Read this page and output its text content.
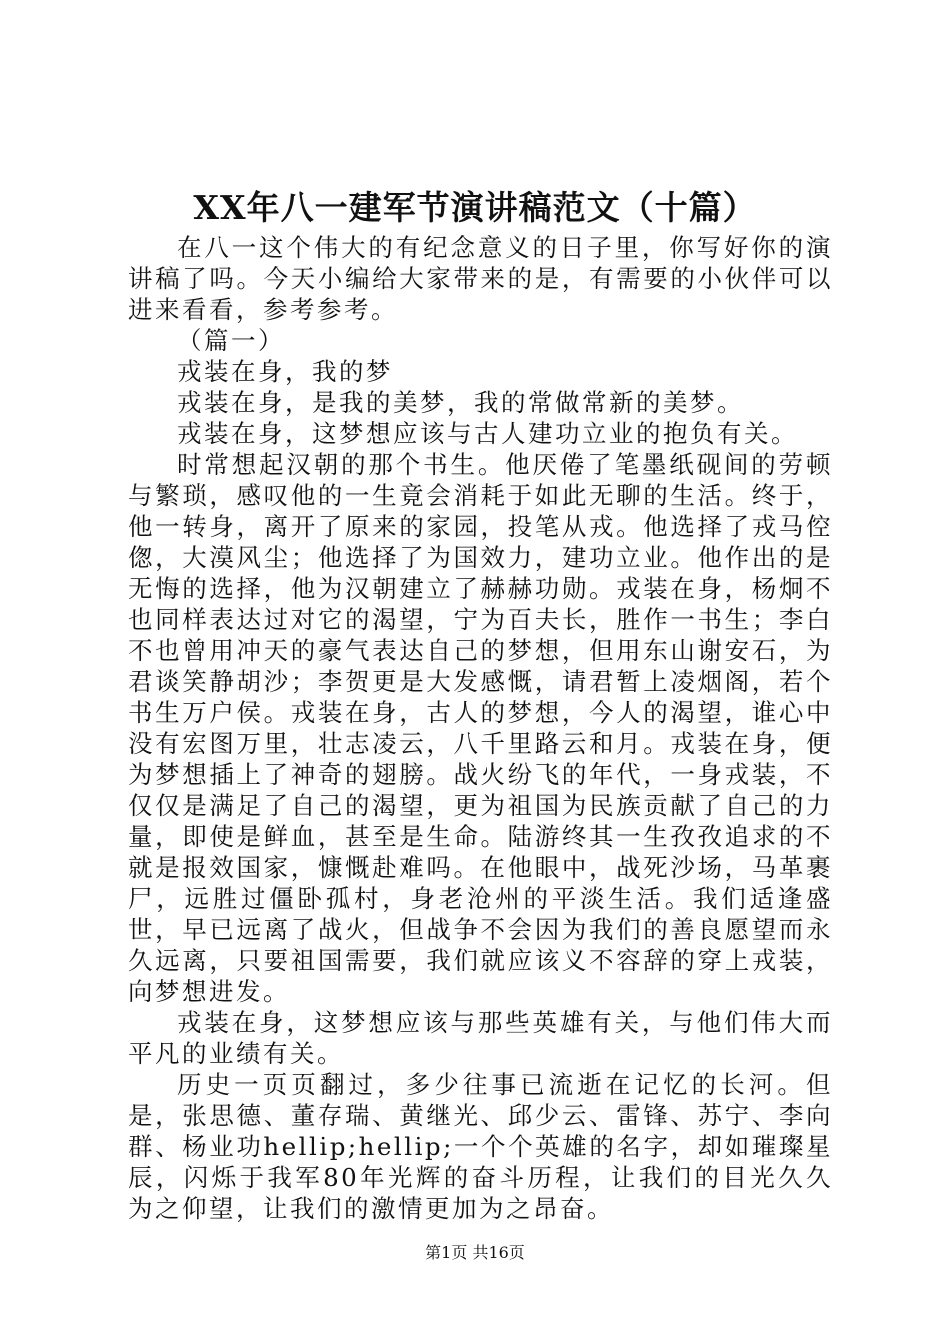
XX年八一建军节演讲稿范文（十篇）

在八一这个伟大的有纪念意义的日子里，你写好你的演讲稿了吗。今天小编给大家带来的是，有需要的小伙伴可以进来看看，参考参考。

（篇一）

戎装在身，我的梦

戎装在身，是我的美梦，我的常做常新的美梦。

戎装在身，这梦想应该与古人建功立业的抱负有关。

时常想起汉朝的那个书生。他厌倦了笔墨纸砚间的劳顿与繁琐，感叹他的一生竟会消耗于如此无聊的生活。终于，他一转身，离开了原来的家园，投笔从戎。他选择了戎马倥偬，大漠风尘；他选择了为国效力，建功立业。他作出的是无悔的选择，他为汉朝建立了赫赫功勋。戎装在身，杨炯不也同样表达过对它的渴望，宁为百夫长，胜作一书生；李白不也曾用冲天的豪气表达自己的梦想，但用东山谢安石，为君谈笑静胡沙；李贺更是大发感慨，请君暂上凌烟阁，若个书生万户侯。戎装在身，古人的梦想，今人的渴望，谁心中没有宏图万里，壮志凌云，八千里路云和月。戎装在身，便为梦想插上了神奇的翅膀。战火纷飞的年代，一身戎装，不仅仅是满足了自己的渴望，更为祖国为民族贡献了自己的力量，即使是鲜血，甚至是生命。陆游终其一生孜孜追求的不就是报效国家，慷慨赴难吗。在他眼中，战死沙场，马革裹尸，远胜过僵卧孤村，身老沧州的平淡生活。我们适逢盛世，早已远离了战火，但战争不会因为我们的善良愿望而永久远离，只要祖国需要，我们就应该义不容辞的穿上戎装，向梦想进发。

戎装在身，这梦想应该与那些英雄有关，与他们伟大而平凡的业绩有关。

历史一页页翻过，多少往事已流逝在记忆的长河。但是，张思德、董存瑞、黄继光、邱少云、雷锋、苏宁、李向群、杨业功hellip;hellip;一个个英雄的名字，却如璀璨星辰，闪烁于我军80年光辉的奋斗历程，让我们的目光久久为之仰望，让我们的激情更加为之昂奋。

第1页 共16页
